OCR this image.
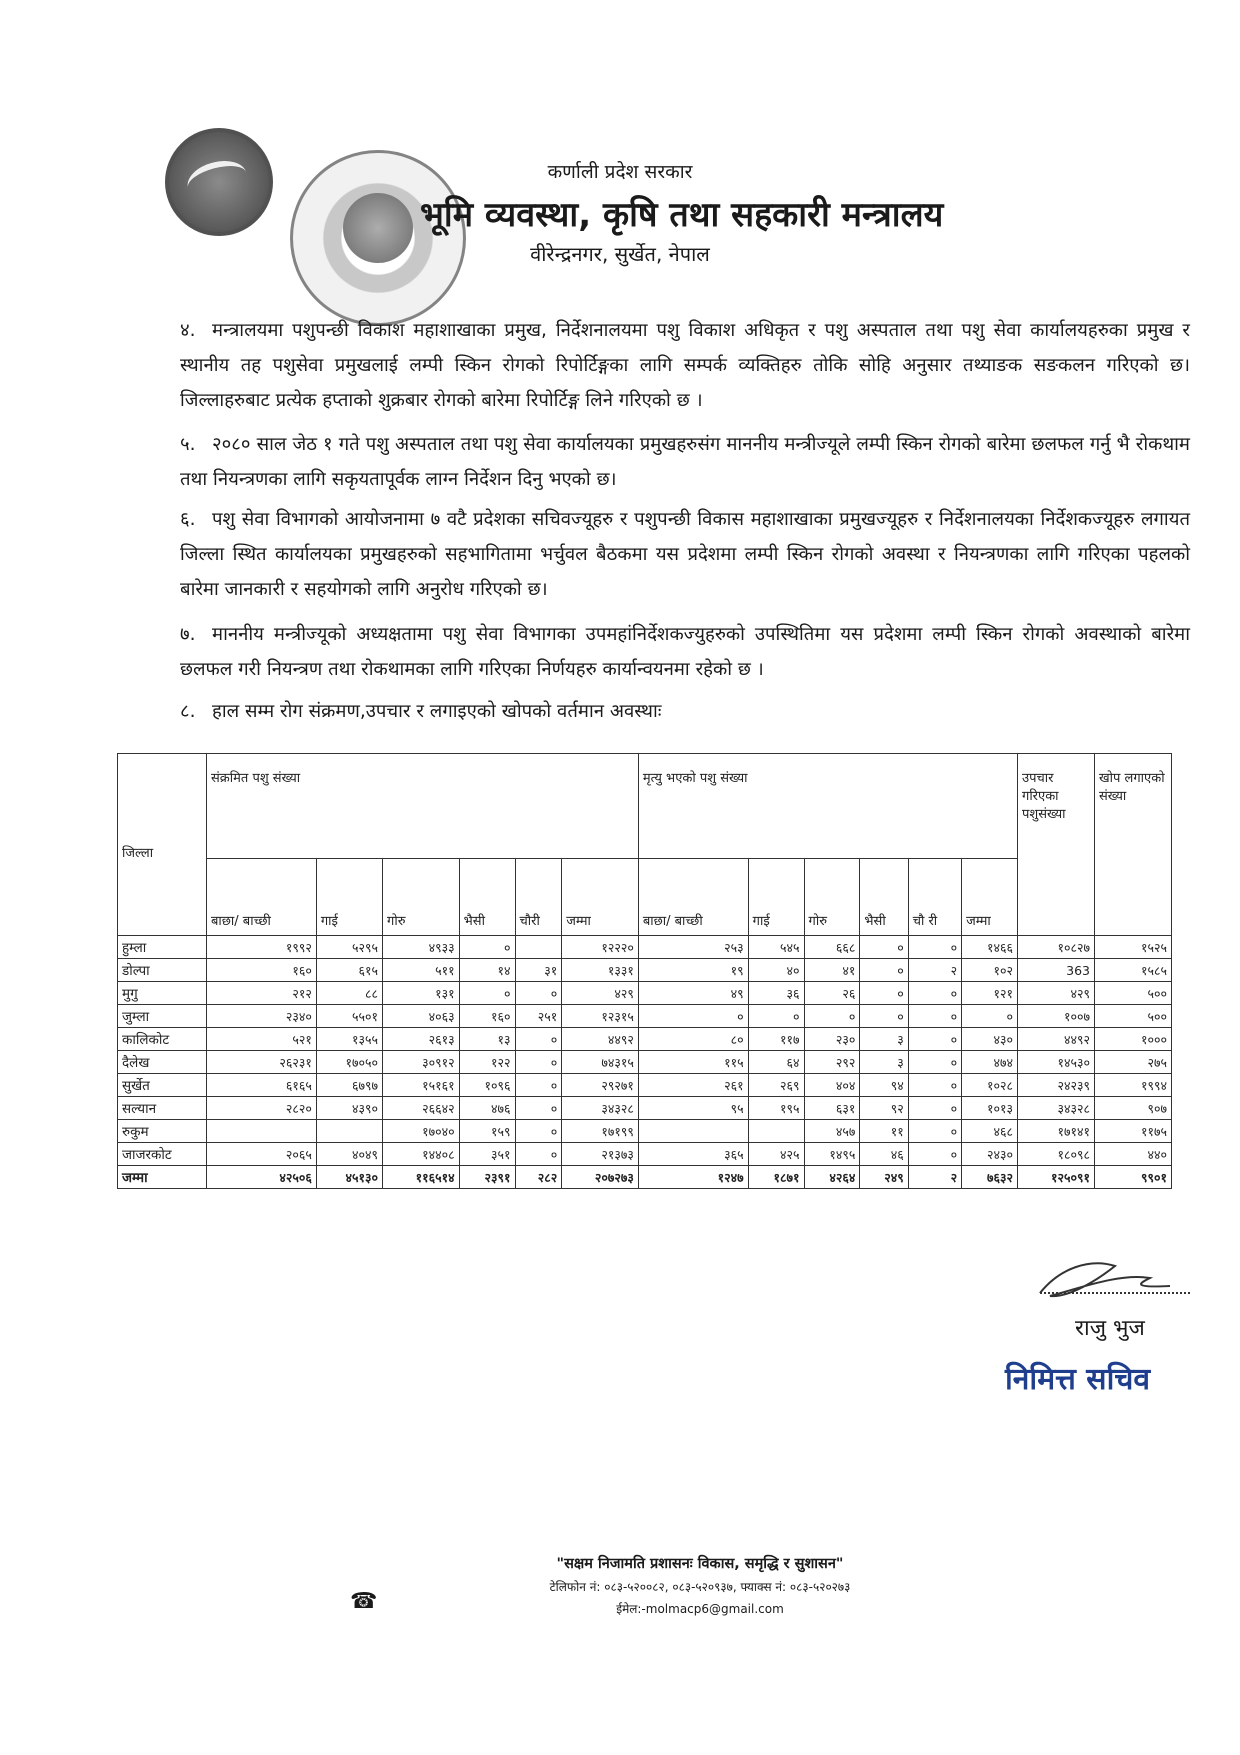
कर्णाली प्रदेश सरकार
भूमि व्यवस्था, कृषि तथा सहकारी मन्त्रालय
वीरेन्द्रनगर, सुर्खेत, नेपाल
४. मन्त्रालयमा पशुपन्छी विकाश महाशाखाका प्रमुख, निर्देशनालयमा पशु विकाश अधिकृत र पशु अस्पताल तथा पशु सेवा कार्यालयहरुका प्रमुख र स्थानीय तह पशुसेवा प्रमुखलाई लम्पी स्किन रोगको रिपोर्टिङ्गका लागि सम्पर्क व्यक्तिहरु तोकि सोहि अनुसार तथ्याङक सङकलन गरिएको छ। जिल्लाहरुबाट प्रत्येक हप्ताको शुक्रबार रोगको बारेमा रिपोर्टिङ्ग लिने गरिएको छ ।
५. २०८० साल जेठ १ गते पशु अस्पताल तथा पशु सेवा कार्यालयका प्रमुखहरुसंग माननीय मन्त्रीज्यूले लम्पी स्किन रोगको बारेमा छलफल गर्नु भै रोकथाम तथा नियन्त्रणका लागि सकृयतापूर्वक लाग्न निर्देशन दिनु भएको छ।
६. पशु सेवा विभागको आयोजनामा ७ वटै प्रदेशका सचिवज्यूहरु र पशुपन्छी विकास महाशाखाका प्रमुखज्यूहरु र निर्देशनालयका निर्देशकज्यूहरु लगायत जिल्ला स्थित कार्यालयका प्रमुखहरुको सहभागितामा भर्चुवल बैठकमा यस प्रदेशमा लम्पी स्किन रोगको अवस्था र नियन्त्रणका लागि गरिएका पहलको बारेमा जानकारी र सहयोगको लागि अनुरोध गरिएको छ।
७. माननीय मन्त्रीज्यूको अध्यक्षतामा पशु सेवा विभागका उपमहांनिर्देशकज्युहरुको उपस्थितिमा यस प्रदेशमा लम्पी स्किन रोगको अवस्थाको बारेमा छलफल गरी नियन्त्रण तथा रोकथामका लागि गरिएका निर्णयहरु कार्यान्वयनमा रहेको छ ।
८. हाल सम्म रोग संक्रमण,उपचार र लगाइएको खोपको वर्तमान अवस्थाः
जिल्ला	संक्रमित पशु संख्या						मृत्यु भएको पशु संख्या						उपचार गरिएका पशुसंख्या	खोप लगाएको संख्या
	बाछा/ बाच्छी	गाई	गोरु	भैसी	चौरी	जम्मा	बाछा/ बाच्छी	गाई	गोरु	भैसी	चौ री	जम्मा		
हुम्ला	१९९२	५२९५	४९३३	०		१२२२०	२५३	५४५	६६८	०	०	१४६६	१०८२७	१५२५
डोल्पा	१६०	६१५	५११	१४	३१	१३३१	१९	४०	४१	०	२	१०२	363	१५८५
मुगु	२१२	८८	१३१	०	०	४२९	४९	३६	२६	०	०	१२१	४२९	५००
जुम्ला	२३४०	५५०१	४०६३	१६०	२५१	१२३१५	०	०	०	०	०	०	१००७	५००
कालिकोट	५२१	१३५५	२६१३	१३	०	४४९२	८०	११७	२३०	३	०	४३०	४४९२	१०००
दैलेख	२६२३१	१७०५०	३०९१२	१२२	०	७४३१५	११५	६४	२९२	३	०	४७४	१४५३०	२७५
सुर्खेत	६१६५	६७९७	१५१६१	१०९६	०	२९२७१	२६१	२६९	४०४	९४	०	१०२८	२४२३९	१९९४
सल्यान	२८२०	४३९०	२६६४२	४७६	०	३४३२८	९५	१९५	६३१	९२	०	१०१३	३४३२८	९०७
रुकुम			१७०४०	१५९	०	१७१९९			४५७	११	०	४६८	१७१४१	११७५
जाजरकोट	२०६५	४०४९	१४४०८	३५१	०	२१३७३	३६५	४२५	१४९५	४६	०	२४३०	१८०९८	४४०
जम्मा	४२५०६	४५१३०	११६५१४	२३९१	२८२	२०७२७३	१२४७	१८७१	४२६४	२४९	२	७६३२	१२५०९१	९९०१
राजु भुज
निमित्त सचिव
"सक्षम निजामति प्रशासनः विकास, समृद्धि र सुशासन"
टेलिफोन नं: ०८३-५२००८२, ०८३-५२०९३७, फ्याक्स नं: ०८३-५२०२७३
ईमेल:-molmacp6@gmail.com
☎
